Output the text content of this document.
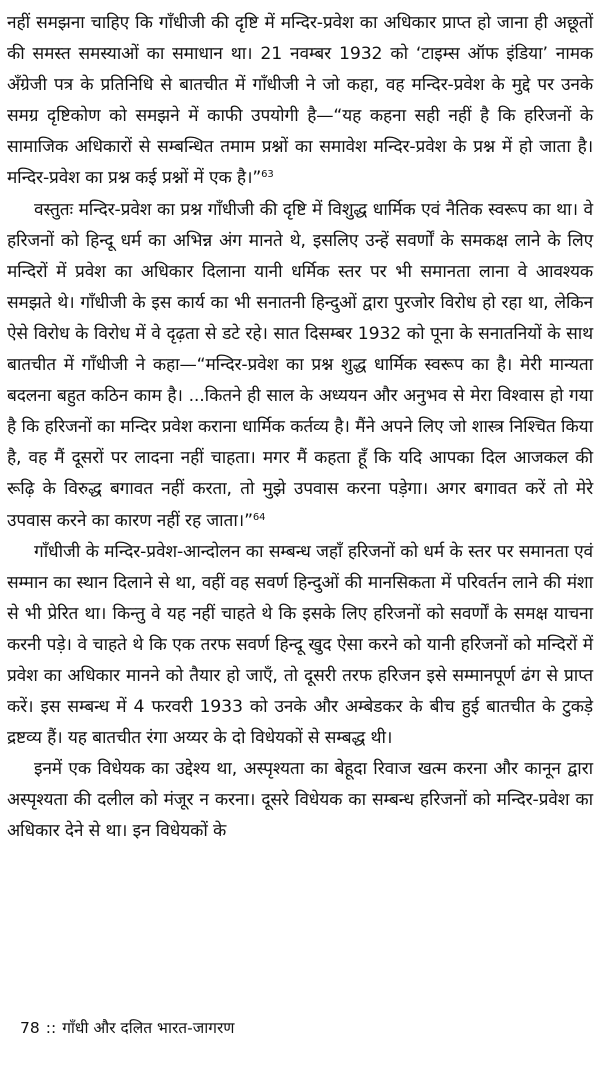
नहीं समझना चाहिए कि गाँधीजी की दृष्टि में मन्दिर-प्रवेश का अधिकार प्राप्त हो जाना ही अछूतों की समस्त समस्याओं का समाधान था। 21 नवम्बर 1932 को ‘टाइम्स ऑफ इंडिया’ नामक अँग्रेजी पत्र के प्रतिनिधि से बातचीत में गाँधीजी ने जो कहा, वह मन्दिर-प्रवेश के मुद्दे पर उनके समग्र दृष्टिकोण को समझने में काफी उपयोगी है—“यह कहना सही नहीं है कि हरिजनों के सामाजिक अधिकारों से सम्बन्धित तमाम प्रश्नों का समावेश मन्दिर-प्रवेश के प्रश्न में हो जाता है। मन्दिर-प्रवेश का प्रश्न कई प्रश्नों में एक है।”$^{63}$

वस्तुतः मन्दिर-प्रवेश का प्रश्न गाँधीजी की दृष्टि में विशुद्ध धार्मिक एवं नैतिक स्वरूप का था। वे हरिजनों को हिन्दू धर्म का अभिन्न अंग मानते थे, इसलिए उन्हें सवर्णों के समकक्ष लाने के लिए मन्दिरों में प्रवेश का अधिकार दिलाना यानी धर्मिक स्तर पर भी समानता लाना वे आवश्यक समझते थे। गाँधीजी के इस कार्य का भी सनातनी हिन्दुओं द्वारा पुरजोर विरोध हो रहा था, लेकिन ऐसे विरोध के विरोध में वे दृढ़ता से डटे रहे। सात दिसम्बर 1932 को पूना के सनातनियों के साथ बातचीत में गाँधीजी ने कहा—“मन्दिर-प्रवेश का प्रश्न शुद्ध धार्मिक स्वरूप का है। मेरी मान्यता बदलना बहुत कठिन काम है। ...कितने ही साल के अध्ययन और अनुभव से मेरा विश्वास हो गया है कि हरिजनों का मन्दिर प्रवेश कराना धार्मिक कर्तव्य है। मैंने अपने लिए जो शास्त्र निश्चित किया है, वह मैं दूसरों पर लादना नहीं चाहता। मगर मैं कहता हूँ कि यदि आपका दिल आजकल की रूढ़ि के विरुद्ध बगावत नहीं करता, तो मुझे उपवास करना पड़ेगा। अगर बगावत करें तो मेरे उपवास करने का कारण नहीं रह जाता।”$^{64}$

गाँधीजी के मन्दिर-प्रवेश-आन्दोलन का सम्बन्ध जहाँ हरिजनों को धर्म के स्तर पर समानता एवं सम्मान का स्थान दिलाने से था, वहीं वह सवर्ण हिन्दुओं की मानसिकता में परिवर्तन लाने की मंशा से भी प्रेरित था। किन्तु वे यह नहीं चाहते थे कि इसके लिए हरिजनों को सवर्णों के समक्ष याचना करनी पड़े। वे चाहते थे कि एक तरफ सवर्ण हिन्दू खुद ऐसा करने को यानी हरिजनों को मन्दिरों में प्रवेश का अधिकार मानने को तैयार हो जाएँ, तो दूसरी तरफ हरिजन इसे सम्मानपूर्ण ढंग से प्राप्त करें। इस सम्बन्ध में 4 फरवरी 1933 को उनके और अम्बेडकर के बीच हुई बातचीत के टुकड़े द्रष्टव्य हैं। यह बातचीत रंगा अय्यर के दो विधेयकों से सम्बद्ध थी।

इनमें एक विधेयक का उद्देश्य था, अस्पृश्यता का बेहूदा रिवाज खत्म करना और कानून द्वारा अस्पृश्यता की दलील को मंजूर न करना। दूसरे विधेयक का सम्बन्ध हरिजनों को मन्दिर-प्रवेश का अधिकार देने से था। इन विधेयकों के

78 :: गाँधी और दलित भारत-जागरण
